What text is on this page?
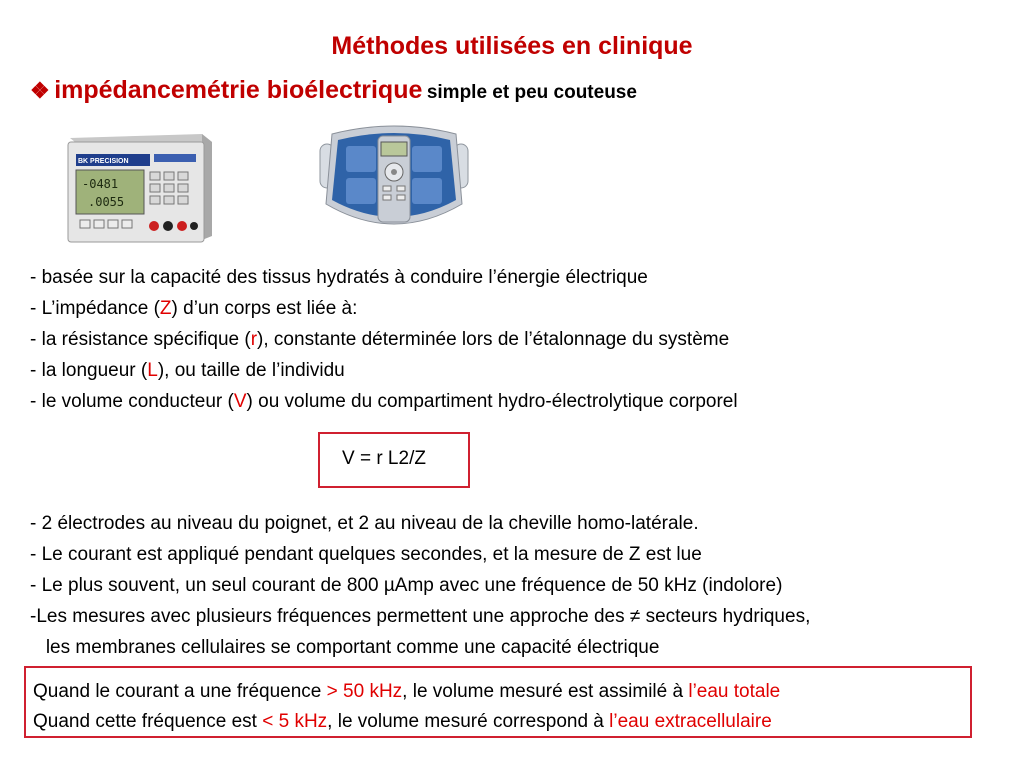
Méthodes utilisées en clinique
❖ impédancemétrie bioélectrique simple et peu couteuse
BK PRECISION
-0481
.0055
- basée sur la capacité des tissus hydratés à conduire l’énergie électrique
- L’impédance (Z) d’un corps est liée à:
- la résistance spécifique (r), constante déterminée lors de l’étalonnage du système
- la longueur (L), ou taille de l’individu
- le volume conducteur (V) ou volume du compartiment hydro-électrolytique corporel
V = r L2/Z
- 2 électrodes au niveau du poignet, et 2 au niveau de la cheville homo-latérale.
- Le courant est appliqué pendant quelques secondes, et la mesure de Z est lue
- Le plus souvent, un seul courant de 800 µAmp avec une fréquence de 50 kHz (indolore)
-Les mesures avec plusieurs fréquences permettent une approche des ≠ secteurs hydriques,
les membranes cellulaires se comportant comme une capacité électrique
Quand le courant a une fréquence > 50 kHz, le volume mesuré est assimilé à l’eau totale
Quand cette fréquence est < 5 kHz, le volume mesuré correspond à l’eau extracellulaire
